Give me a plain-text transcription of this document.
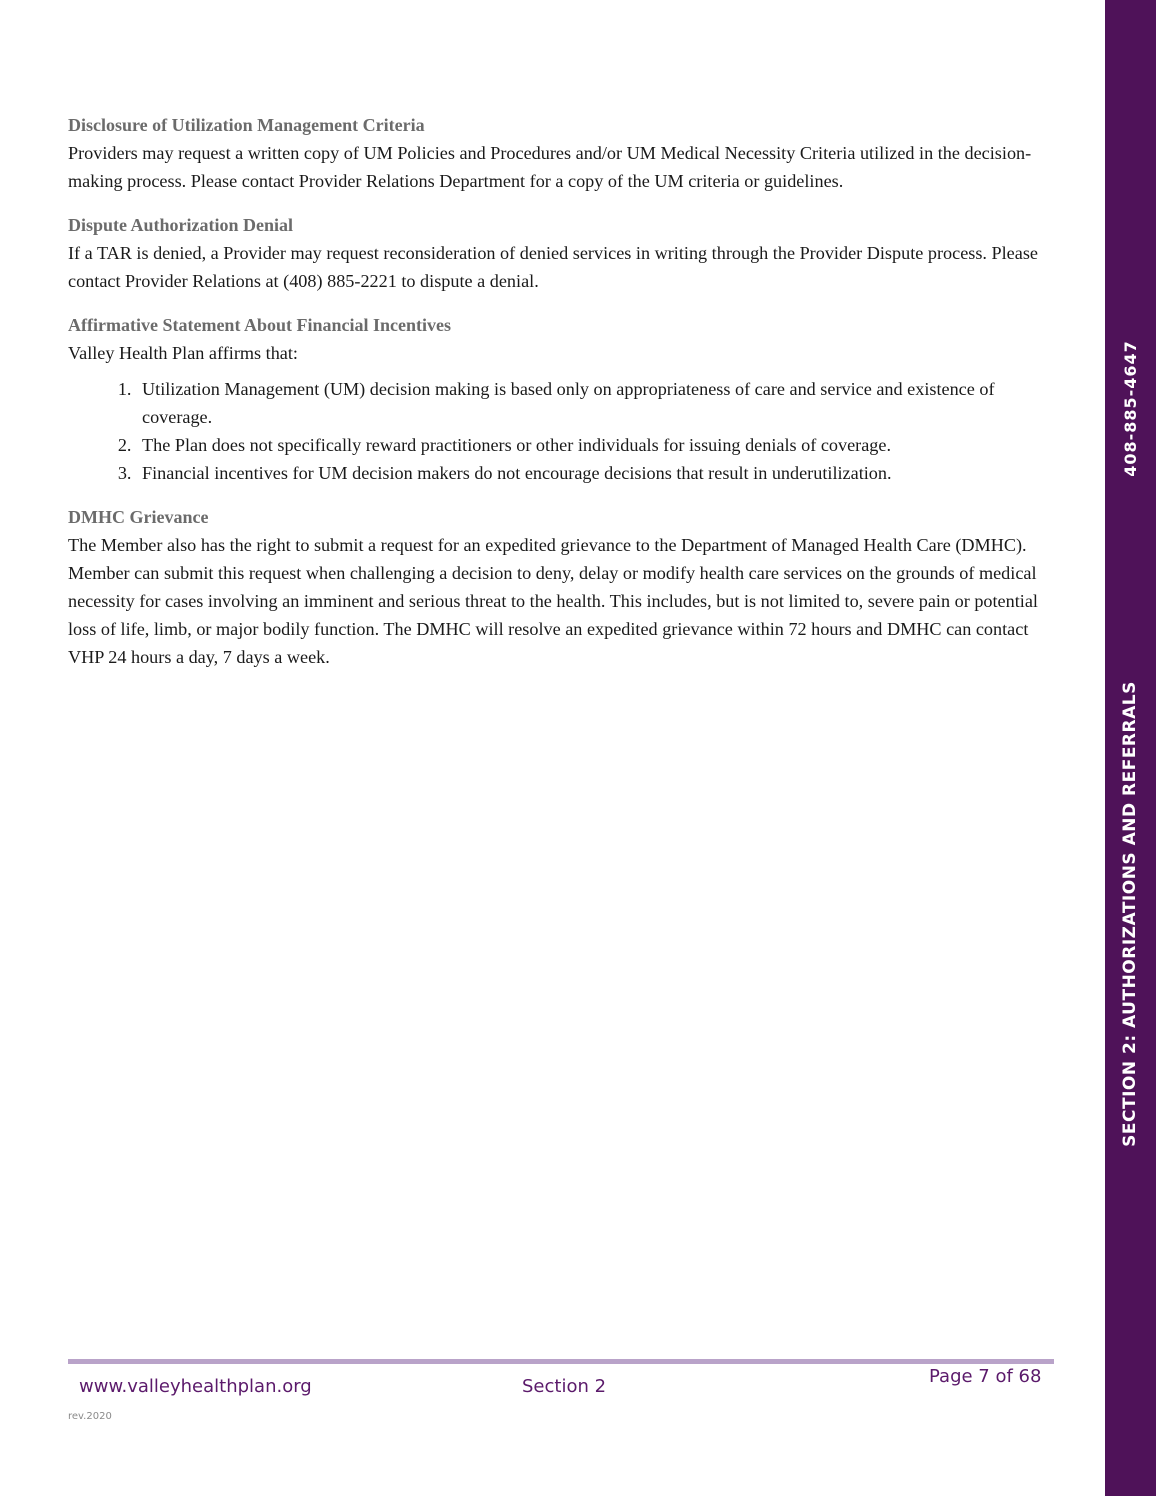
Disclosure of Utilization Management Criteria
Providers may request a written copy of UM Policies and Procedures and/or UM Medical Necessity Criteria utilized in the decision-making process. Please contact Provider Relations Department for a copy of the UM criteria or guidelines.
Dispute Authorization Denial
If a TAR is denied, a Provider may request reconsideration of denied services in writing through the Provider Dispute process. Please contact Provider Relations at (408) 885-2221 to dispute a denial.
Affirmative Statement About Financial Incentives
Valley Health Plan affirms that:
1. Utilization Management (UM) decision making is based only on appropriateness of care and service and existence of coverage.
2. The Plan does not specifically reward practitioners or other individuals for issuing denials of coverage.
3. Financial incentives for UM decision makers do not encourage decisions that result in underutilization.
DMHC Grievance
The Member also has the right to submit a request for an expedited grievance to the Department of Managed Health Care (DMHC). Member can submit this request when challenging a decision to deny, delay or modify health care services on the grounds of medical necessity for cases involving an imminent and serious threat to the health. This includes, but is not limited to, severe pain or potential loss of life, limb, or major bodily function. The DMHC will resolve an expedited grievance within 72 hours and DMHC can contact VHP 24 hours a day, 7 days a week.
408-885-4647
SECTION 2: AUTHORIZATIONS AND REFERRALS
www.valleyhealthplan.org	Section 2	Page 7 of 68
rev.2020
